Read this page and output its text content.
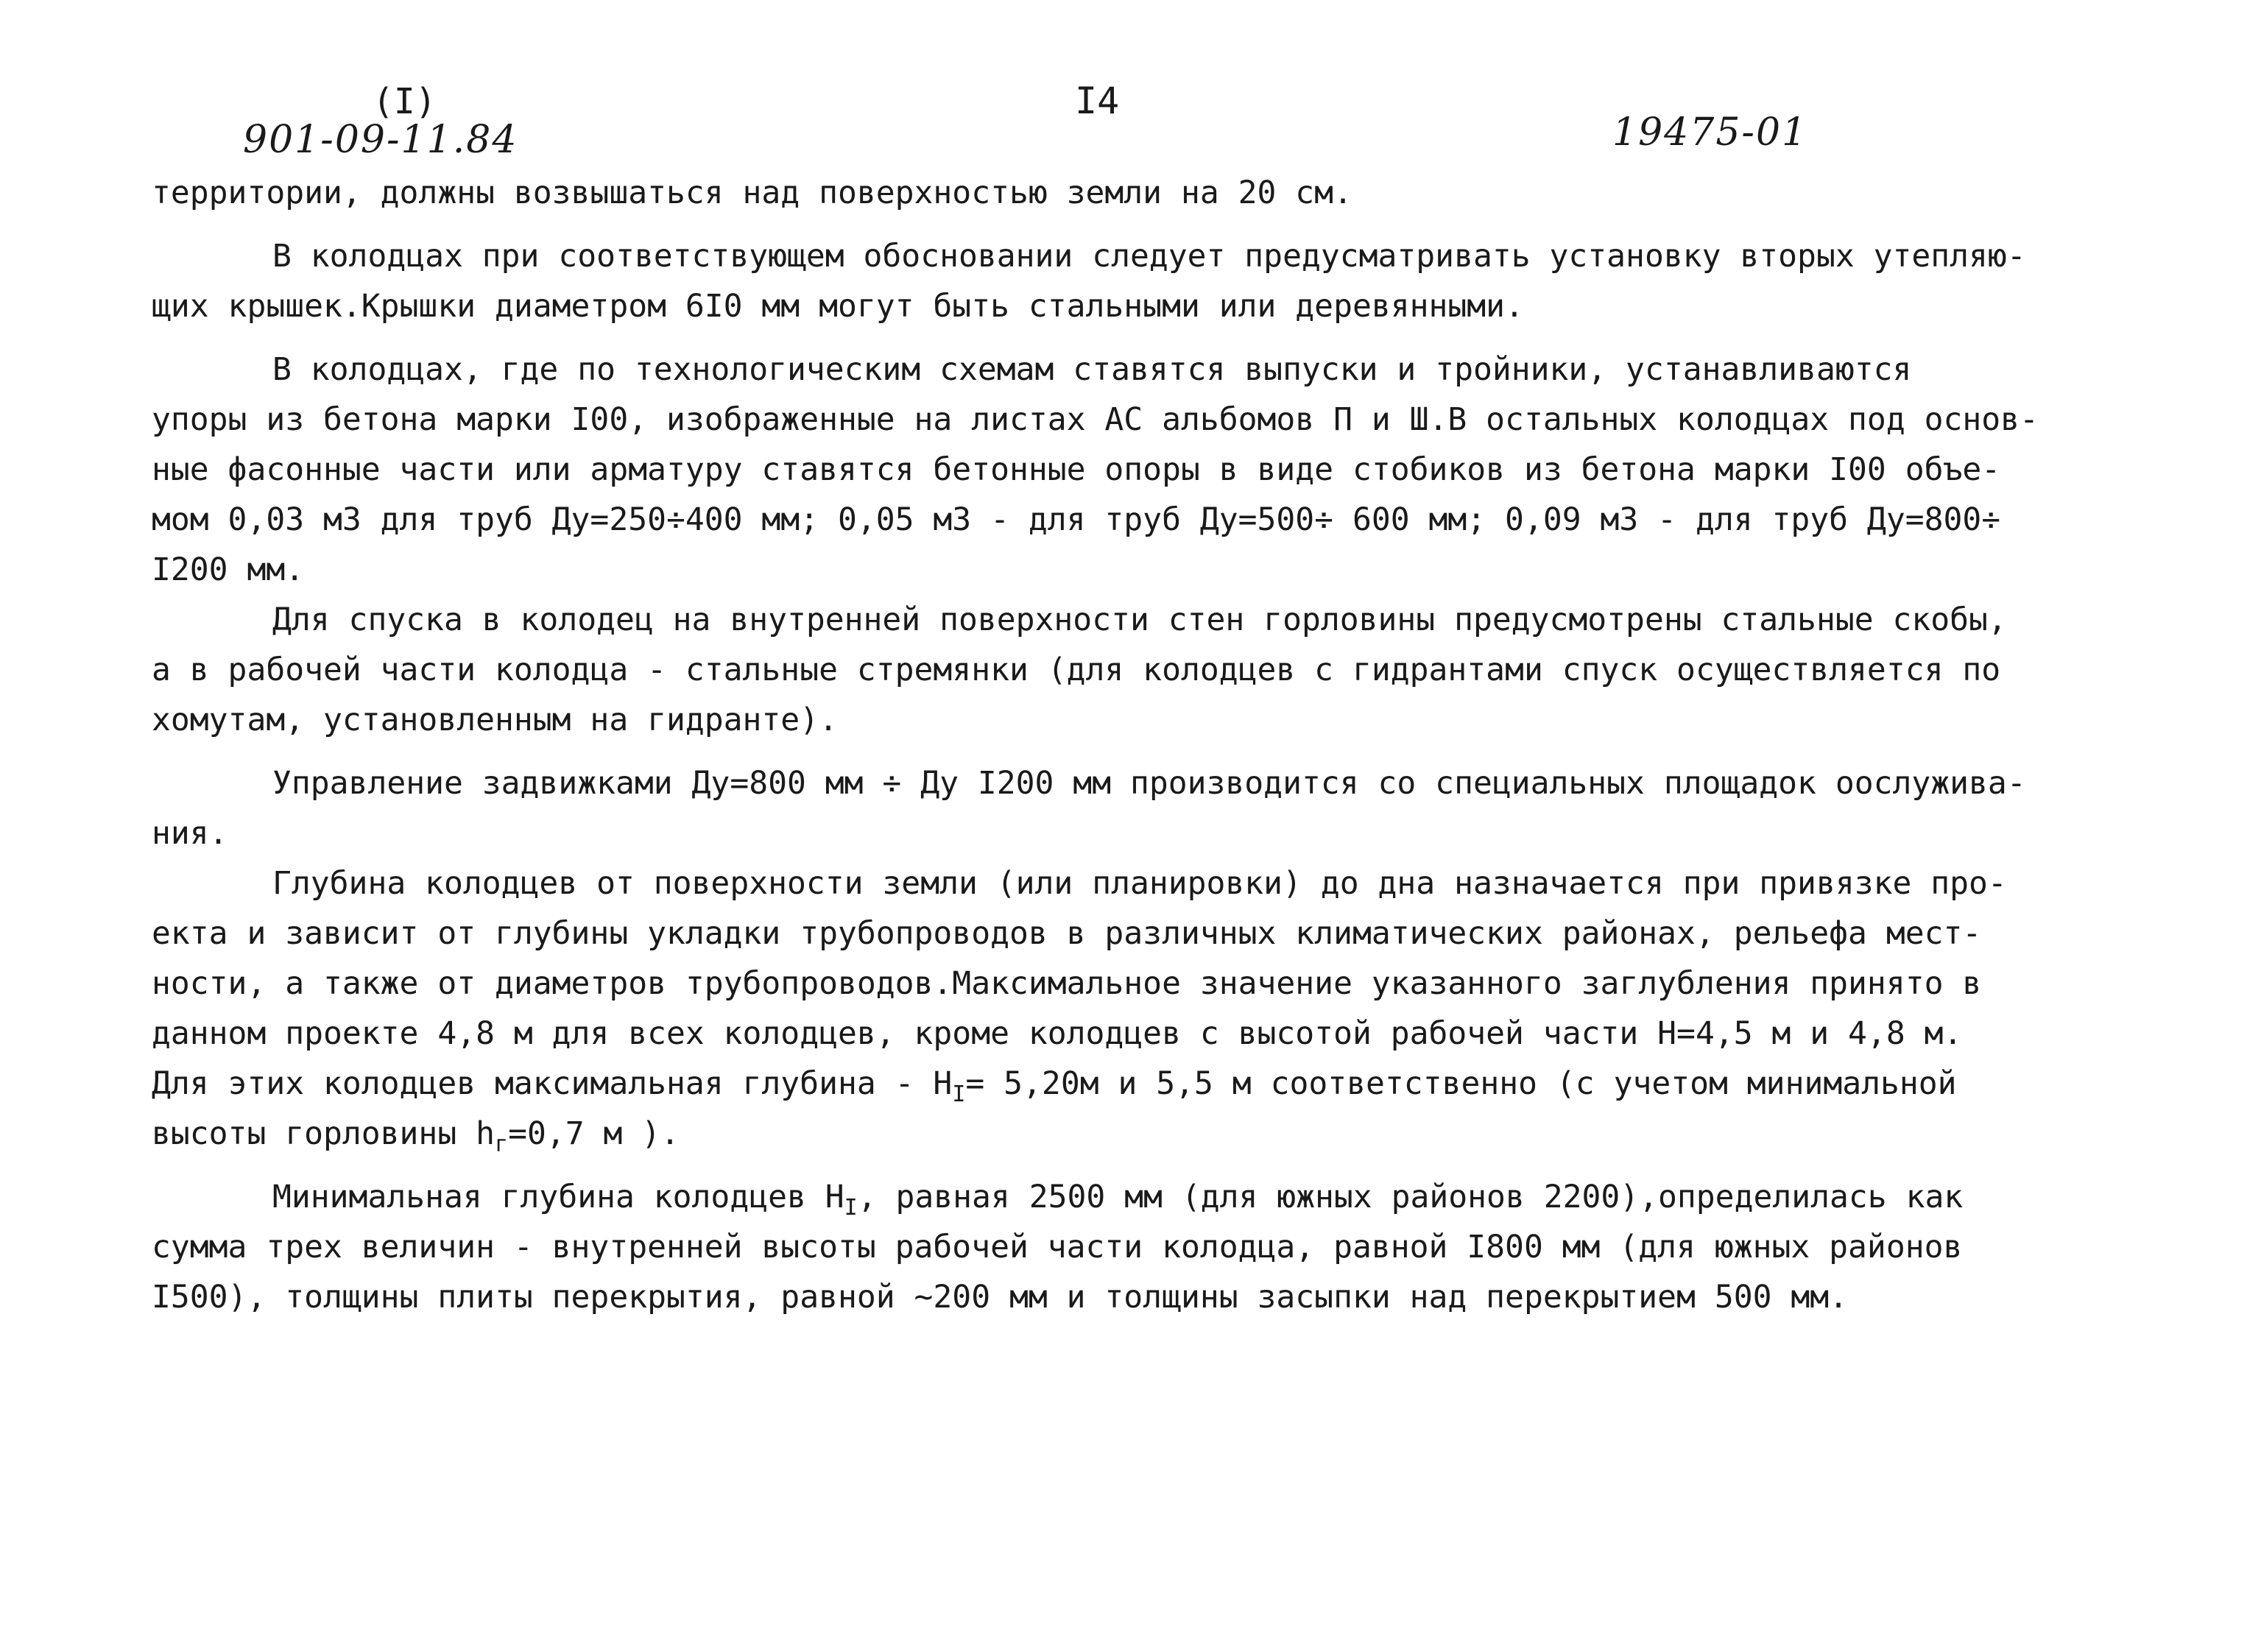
(I)
901-09-11.84
I4
19475-01
территории, должны возвышаться над поверхностью земли на 20 см.
В колодцах при соответствующем обосновании следует предусматривать установку вторых утепляю-
щих крышек.Крышки диаметром 6I0 мм могут быть стальными или деревянными.
В колодцах, где по технологическим схемам ставятся выпуски и тройники, устанавливаются
упоры из бетона марки I00, изображенные на листах АС альбомов П и Ш.В остальных колодцах под основ-
ные фасонные части или арматуру ставятся бетонные опоры в виде стобиков из бетона марки I00 объе-
мом 0,03 м3 для труб Ду=250÷400 мм; 0,05 м3 - для труб Ду=500÷ 600 мм; 0,09 м3 - для труб Ду=800÷
I200 мм.
Для спуска в колодец на внутренней поверхности стен горловины предусмотрены стальные скобы,
а в рабочей части колодца - стальные стремянки (для колодцев с гидрантами спуск осуществляется по
хомутам, установленным на гидранте).
Управление задвижками Ду=800 мм ÷ Ду I200 мм производится со специальных площадок оослужива-
ния.
Глубина колодцев от поверхности земли (или планировки) до дна назначается при привязке про-
екта и зависит от глубины укладки трубопроводов в различных климатических районах, рельефа мест-
ности, а также от диаметров трубопроводов.Максимальное значение указанного заглубления принято в
данном проекте 4,8 м для всех колодцев, кроме колодцев с высотой рабочей части Н=4,5 м и 4,8 м.
Для этих колодцев максимальная глубина - $Н_I= 5,20м$ и 5,5 м соответственно (с учетом минимальной
высоты горловины $h_г=0,7$ м ).
Минимальная глубина колодцев $Н_I$, равная 2500 мм (для южных районов 2200),определилась как
сумма трех величин - внутренней высоты рабочей части колодца, равной I800 мм (для южных районов
I500), толщины плиты перекрытия, равной ~200 мм и толщины засыпки над перекрытием 500 мм.
